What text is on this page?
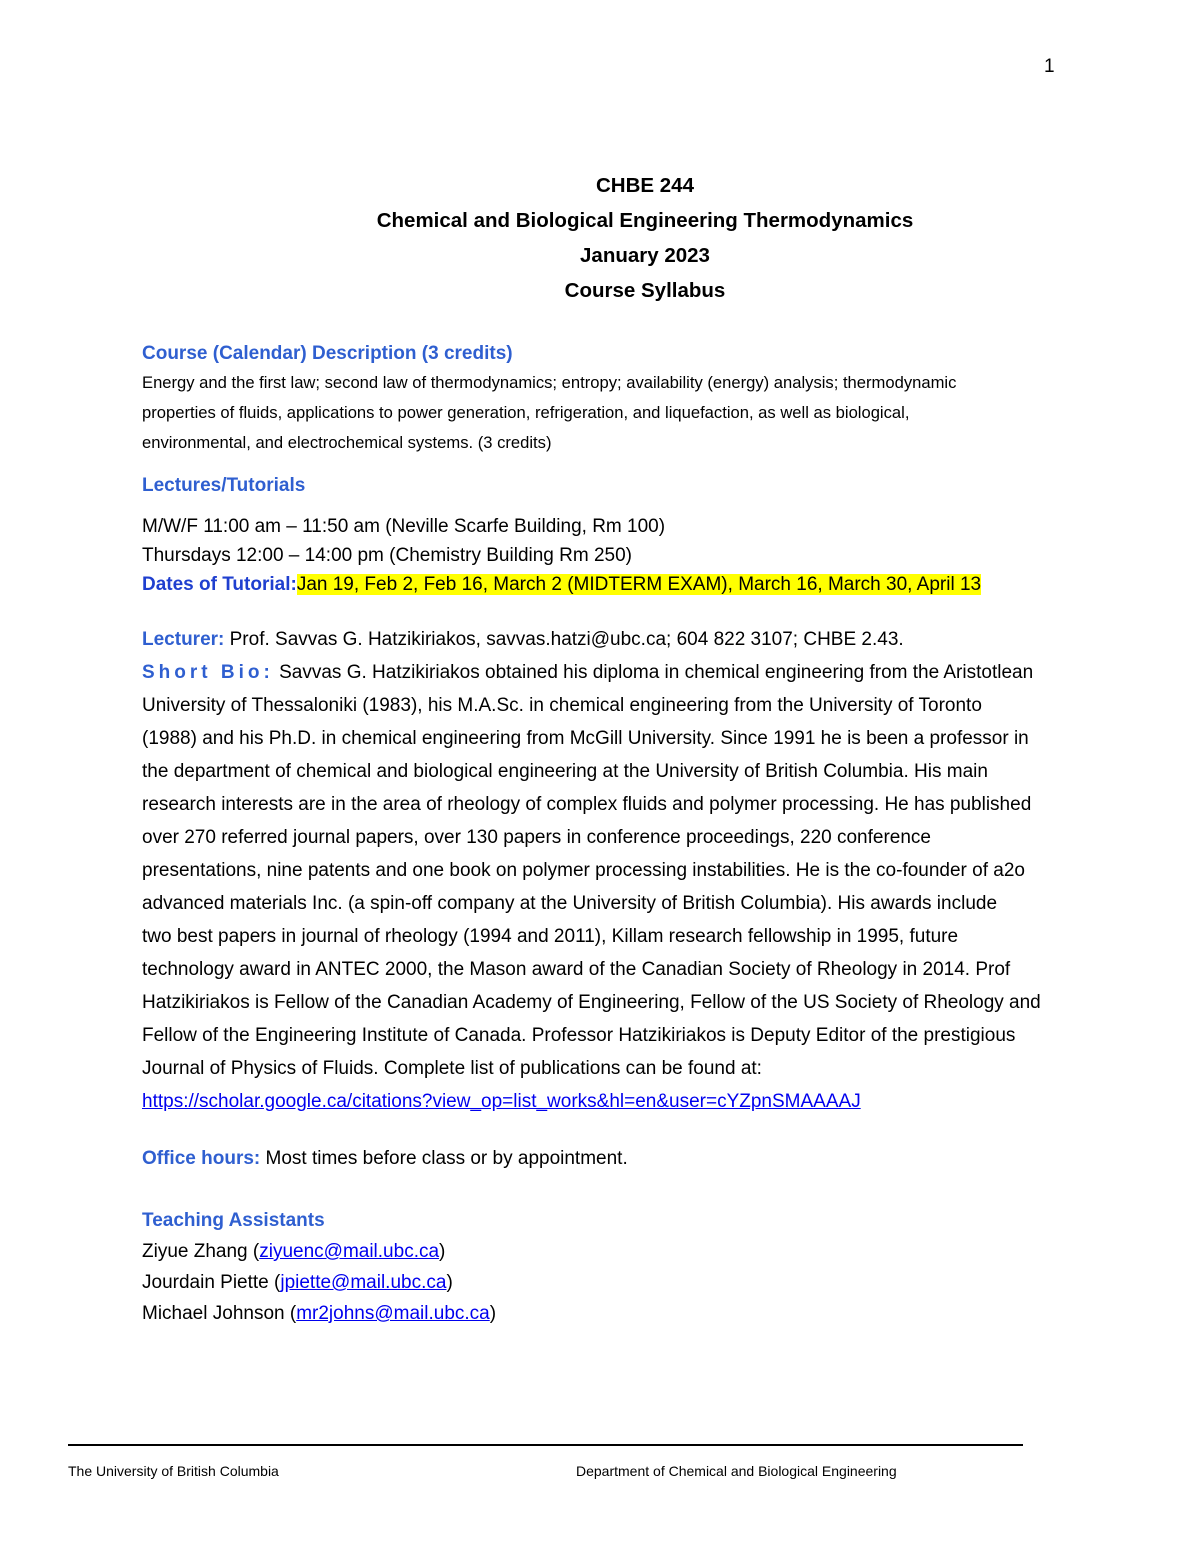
1
CHBE 244
Chemical and Biological Engineering Thermodynamics
January 2023
Course Syllabus
Course (Calendar) Description (3 credits)
Energy and the first law; second law of thermodynamics; entropy; availability (energy) analysis; thermodynamic
properties of fluids, applications to power generation, refrigeration, and liquefaction, as well as biological,
environmental, and electrochemical systems. (3 credits)
Lectures/Tutorials
M/W/F 11:00 am – 11:50 am (Neville Scarfe Building, Rm 100)
Thursdays 12:00 – 14:00 pm (Chemistry Building Rm 250)
Dates of Tutorial:Jan 19, Feb 2, Feb 16, March 2 (MIDTERM EXAM), March 16, March 30, April 13
Lecturer: Prof. Savvas G. Hatzikiriakos, savvas.hatzi@ubc.ca; 604 822 3107; CHBE 2.43.
Short Bio: Savvas G. Hatzikiriakos obtained his diploma in chemical engineering from the Aristotlean
University of Thessaloniki (1983), his M.A.Sc. in chemical engineering from the University of Toronto
(1988) and his Ph.D. in chemical engineering from McGill University. Since 1991 he is been a professor in
the department of chemical and biological engineering at the University of British Columbia. His main
research interests are in the area of rheology of complex fluids and polymer processing. He has published
over 270 referred journal papers, over 130 papers in conference proceedings, 220 conference
presentations, nine patents and one book on polymer processing instabilities. He is the co-founder of a2o
advanced materials Inc. (a spin-off company at the University of British Columbia). His awards include
two best papers in journal of rheology (1994 and 2011), Killam research fellowship in 1995, future
technology award in ANTEC 2000, the Mason award of the Canadian Society of Rheology in 2014. Prof
Hatzikiriakos is Fellow of the Canadian Academy of Engineering, Fellow of the US Society of Rheology and
Fellow of the Engineering Institute of Canada. Professor Hatzikiriakos is Deputy Editor of the prestigious
Journal of Physics of Fluids. Complete list of publications can be found at:
https://scholar.google.ca/citations?view_op=list_works&hl=en&user=cYZpnSMAAAAJ
Office hours: Most times before class or by appointment.
Teaching Assistants
Ziyue Zhang (ziyuenc@mail.ubc.ca)
Jourdain Piette (jpiette@mail.ubc.ca)
Michael Johnson (mr2johns@mail.ubc.ca)
The University of British Columbia	Department of Chemical and Biological Engineering
